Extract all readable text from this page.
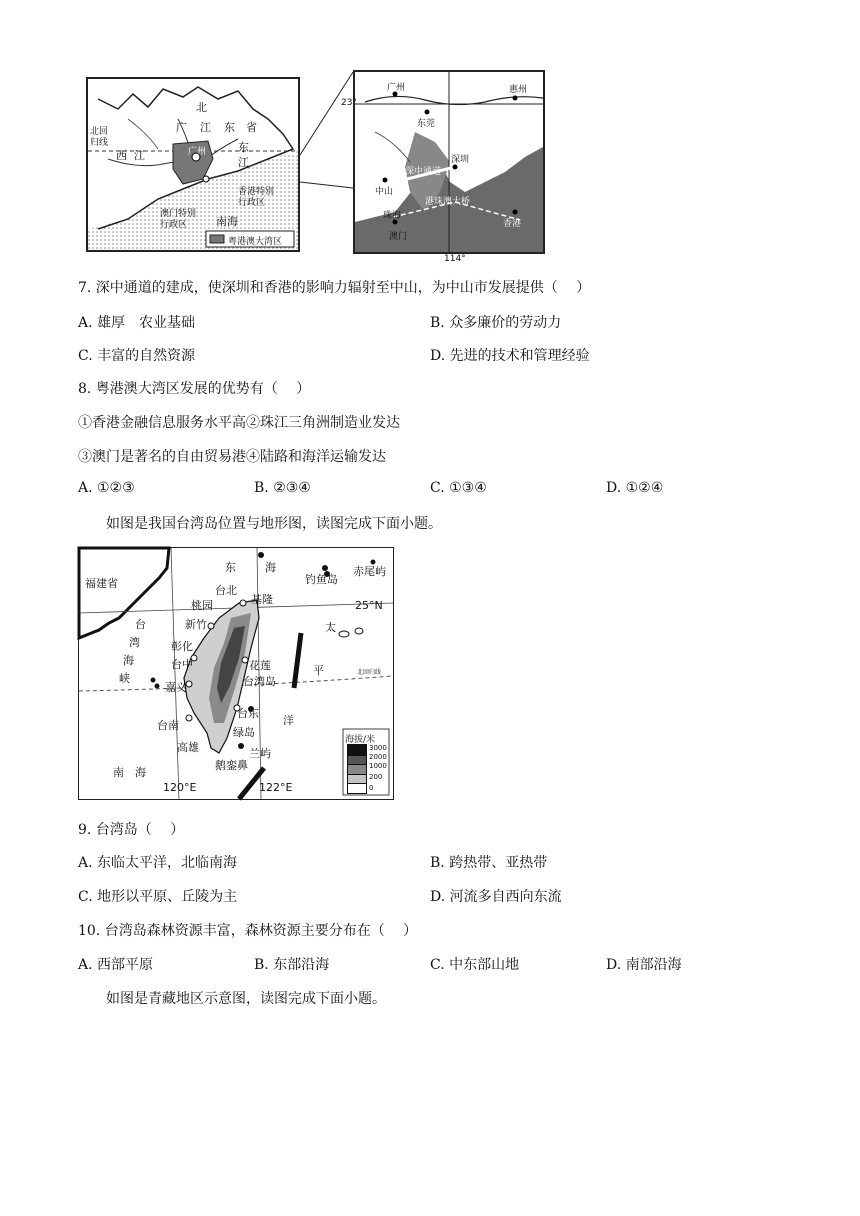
北
广 江 东 省
东
江
西 江
北回
归线
广州
香港特别
行政区
澳门特别
行政区	南海
粤港澳大湾区
23°
广州	惠州
东莞
深圳
中山
深中通道
珠海
港珠澳大桥
澳门
香港
114°
7. 深中通道的建成，使深圳和香港的影响力辐射至中山，为中山市发展提供（　 ）
A. 雄厚　农业基础	B. 众多廉价的劳动力
C. 丰富的自然资源	D. 先进的技术和管理经验
8. 粤港澳大湾区发展的优势有（　 ）
①香港金融信息服务水平高②珠江三角洲制造业发达
③澳门是著名的自由贸易港④陆路和海洋运输发达
A. ①②③	B. ②③④	C. ①③④	D. ①②④
如图是我国台湾岛位置与地形图，读图完成下面小题。
海拔/米
3000
2000
1000
200
0
福建省
东	海
钓鱼岛
赤尾屿
台北
桃园	基隆	25°N
新竹
台
湾
海
峡
彰化
台中
嘉义
花莲
台湾岛
太
平
洋
北回归线
台南
台东
绿岛
高雄	兰屿
鹅銮鼻
南 海
120°E	122°E
9. 台湾岛（　 ）
A. 东临太平洋，北临南海	B. 跨热带、亚热带
C. 地形以平原、丘陵为主	D. 河流多自西向东流
10. 台湾岛森林资源丰富，森林资源主要分布在（　 ）
A. 西部平原	B. 东部沿海	C. 中东部山地	D. 南部沿海
如图是青藏地区示意图，读图完成下面小题。
